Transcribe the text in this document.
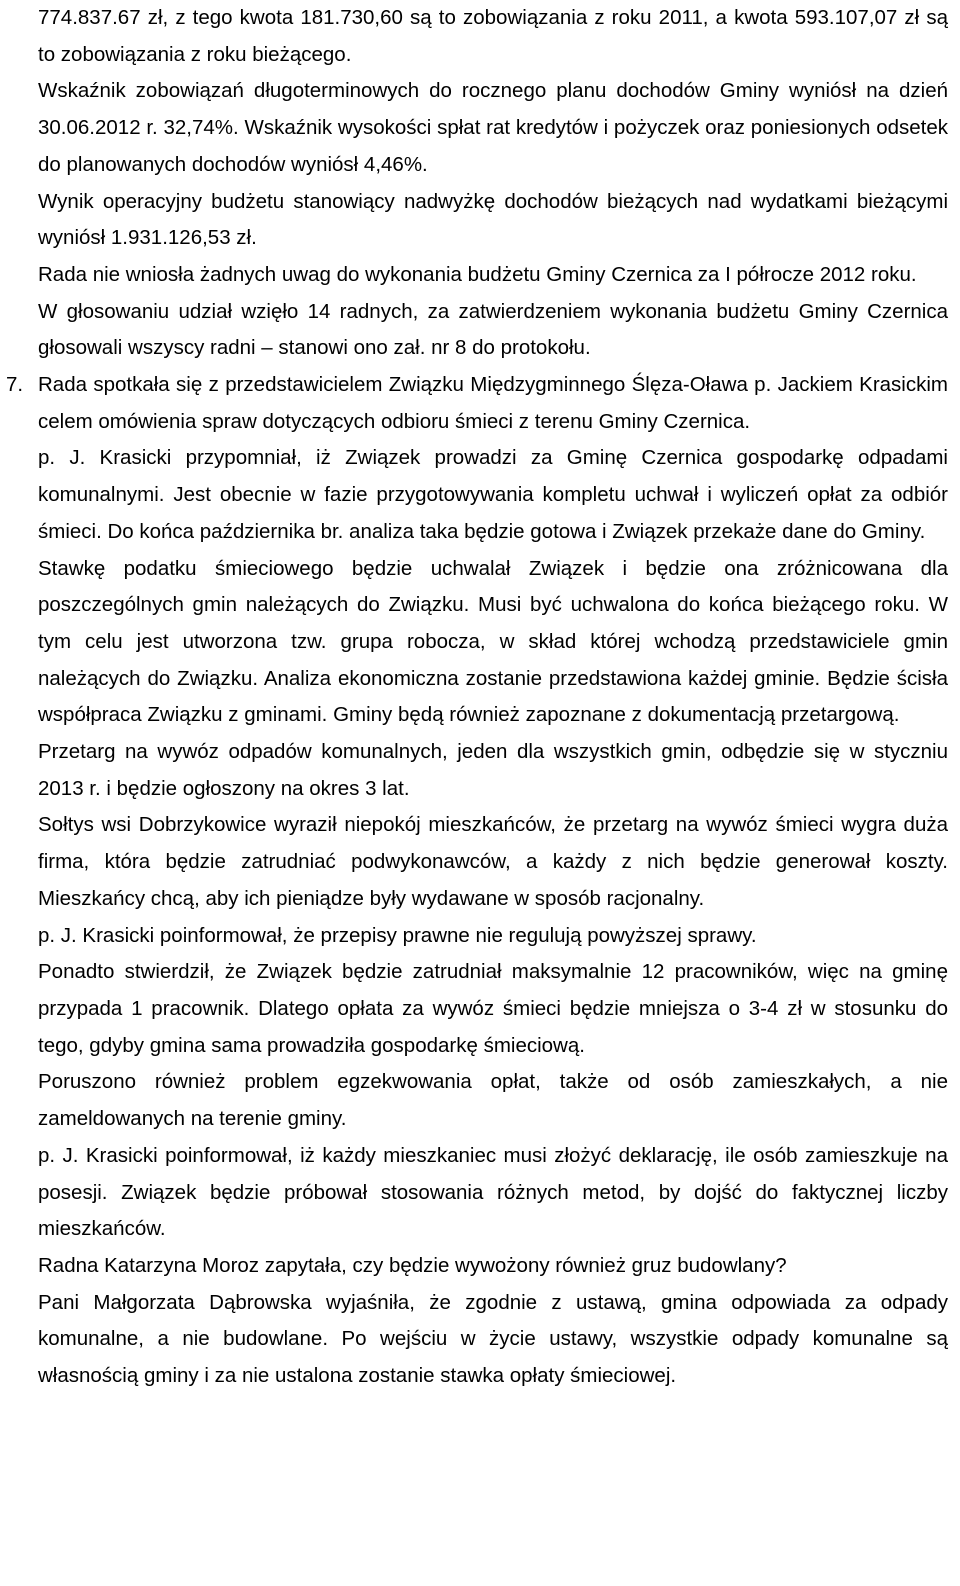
774.837.67 zł, z tego kwota 181.730,60 są to zobowiązania z roku 2011, a kwota 593.107,07 zł są to zobowiązania z roku bieżącego.

Wskaźnik zobowiązań długoterminowych do rocznego planu dochodów Gminy wyniósł na dzień 30.06.2012 r. 32,74%. Wskaźnik wysokości spłat rat kredytów i pożyczek oraz poniesionych odsetek do planowanych dochodów wyniósł 4,46%.

Wynik operacyjny budżetu stanowiący nadwyżkę dochodów bieżących nad wydatkami bieżącymi wyniósł 1.931.126,53 zł.

Rada nie wniosła żadnych uwag do wykonania budżetu Gminy Czernica za I półrocze 2012 roku.

W głosowaniu udział wzięło 14 radnych, za zatwierdzeniem wykonania budżetu Gminy Czernica głosowali wszyscy radni – stanowi ono zał. nr 8 do protokołu.

7. Rada spotkała się z przedstawicielem Związku Międzygminnego Ślęza-Oława p. Jackiem Krasickim celem omówienia spraw dotyczących odbioru śmieci z terenu Gminy Czernica.

p. J. Krasicki przypomniał, iż Związek prowadzi za Gminę Czernica gospodarkę odpadami komunalnymi. Jest obecnie w fazie przygotowywania kompletu uchwał i wyliczeń opłat za odbiór śmieci. Do końca października br. analiza taka będzie gotowa i Związek przekaże dane do Gminy.

Stawkę podatku śmieciowego będzie uchwalał Związek i będzie ona zróżnicowana dla poszczególnych gmin należących do Związku. Musi być uchwalona do końca bieżącego roku. W tym celu jest utworzona tzw. grupa robocza, w skład której wchodzą przedstawiciele gmin należących do Związku. Analiza ekonomiczna zostanie przedstawiona każdej gminie. Będzie ścisła współpraca Związku z gminami. Gminy będą również zapoznane z dokumentacją przetargową.

Przetarg na wywóz odpadów komunalnych, jeden dla wszystkich gmin, odbędzie się w styczniu 2013 r. i będzie ogłoszony na okres 3 lat.

Sołtys wsi Dobrzykowice wyraził niepokój mieszkańców, że przetarg na wywóz śmieci wygra duża firma, która będzie zatrudniać podwykonawców, a każdy z nich będzie generował koszty. Mieszkańcy chcą, aby ich pieniądze były wydawane w sposób racjonalny.

p. J. Krasicki poinformował, że przepisy prawne nie regulują powyższej sprawy.

Ponadto stwierdził, że Związek będzie zatrudniał maksymalnie 12 pracowników, więc na gminę przypada 1 pracownik. Dlatego opłata za wywóz śmieci będzie mniejsza o 3-4 zł w stosunku do tego, gdyby gmina sama prowadziła gospodarkę śmieciową.

Poruszono również problem egzekwowania opłat, także od osób zamieszkałych, a nie zameldowanych na terenie gminy.

p. J. Krasicki poinformował, iż każdy mieszkaniec musi złożyć deklarację, ile osób zamieszkuje na posesji. Związek będzie próbował stosowania różnych metod, by dojść do faktycznej liczby mieszkańców.

Radna Katarzyna Moroz zapytała, czy będzie wywożony również gruz budowlany?

Pani Małgorzata Dąbrowska wyjaśniła, że zgodnie z ustawą, gmina odpowiada za odpady komunalne, a nie budowlane. Po wejściu w życie ustawy, wszystkie odpady komunalne są własnością gminy i za nie ustalona zostanie stawka opłaty śmieciowej.
